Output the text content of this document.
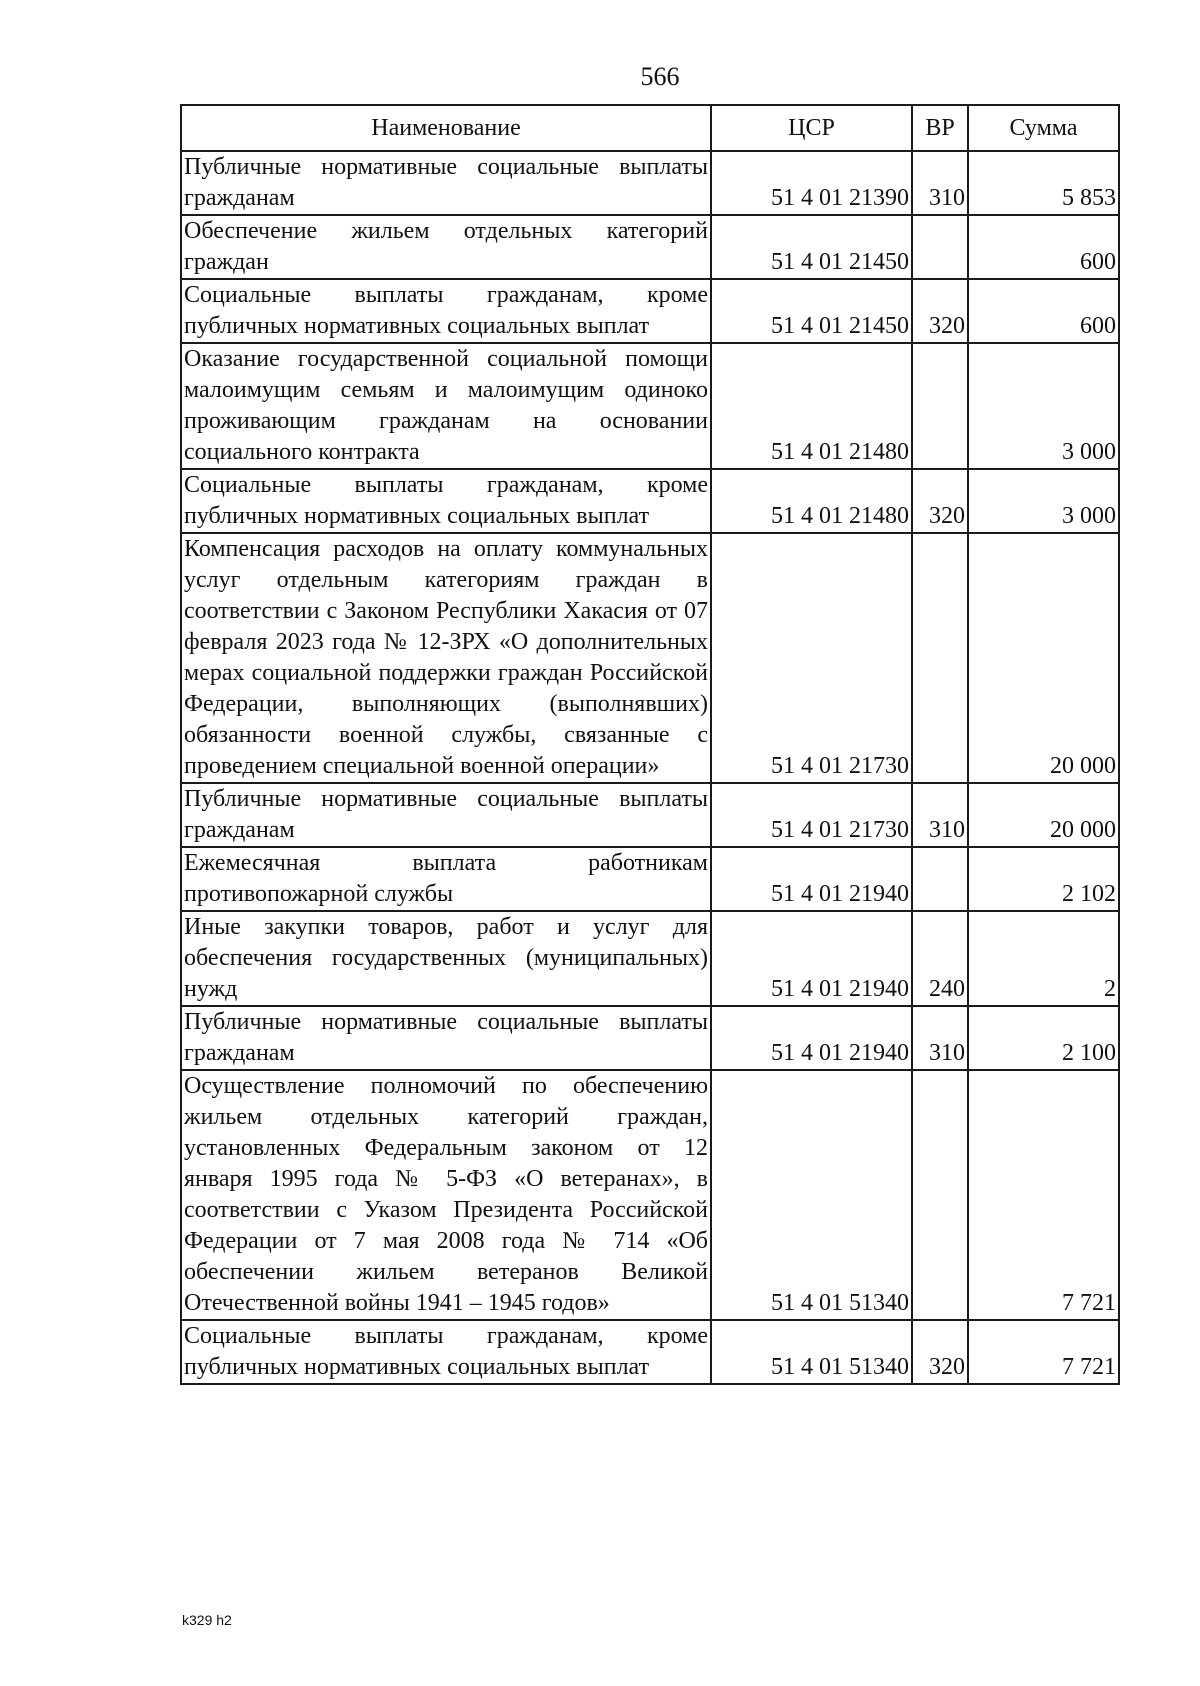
566
Наименование	ЦСР	ВР	Сумма
Публичные нормативные социальные выплаты гражданам	51 4 01 21390	310	5 853
Обеспечение жильем отдельных категорий граждан	51 4 01 21450		600
Социальные выплаты гражданам, кроме публичных нормативных социальных выплат	51 4 01 21450	320	600
Оказание государственной социальной помощи малоимущим семьям и малоимущим одиноко проживающим гражданам на основании социального контракта	51 4 01 21480		3 000
Социальные выплаты гражданам, кроме публичных нормативных социальных выплат	51 4 01 21480	320	3 000
Компенсация расходов на оплату коммунальных услуг отдельным категориям граждан в соответствии с Законом Республики Хакасия от 07 февраля 2023 года № 12-ЗРХ «О дополнительных мерах социальной поддержки граждан Российской Федерации, выполняющих (выполнявших) обязанности военной службы, связанные с проведением специальной военной операции»	51 4 01 21730		20 000
Публичные нормативные социальные выплаты гражданам	51 4 01 21730	310	20 000
Ежемесячная выплата работникам противопожарной службы	51 4 01 21940		2 102
Иные закупки товаров, работ и услуг для обеспечения государственных (муниципальных) нужд	51 4 01 21940	240	2
Публичные нормативные социальные выплаты гражданам	51 4 01 21940	310	2 100
Осуществление полномочий по обеспечению жильем отдельных категорий граждан, установленных Федеральным законом от 12 января 1995 года № 5-ФЗ «О ветеранах», в соответствии с Указом Президента Российской Федерации от 7 мая 2008 года № 714 «Об обеспечении жильем ветеранов Великой Отечественной войны 1941 – 1945 годов»	51 4 01 51340		7 721
Социальные выплаты гражданам, кроме публичных нормативных социальных выплат	51 4 01 51340	320	7 721
k329 h2
